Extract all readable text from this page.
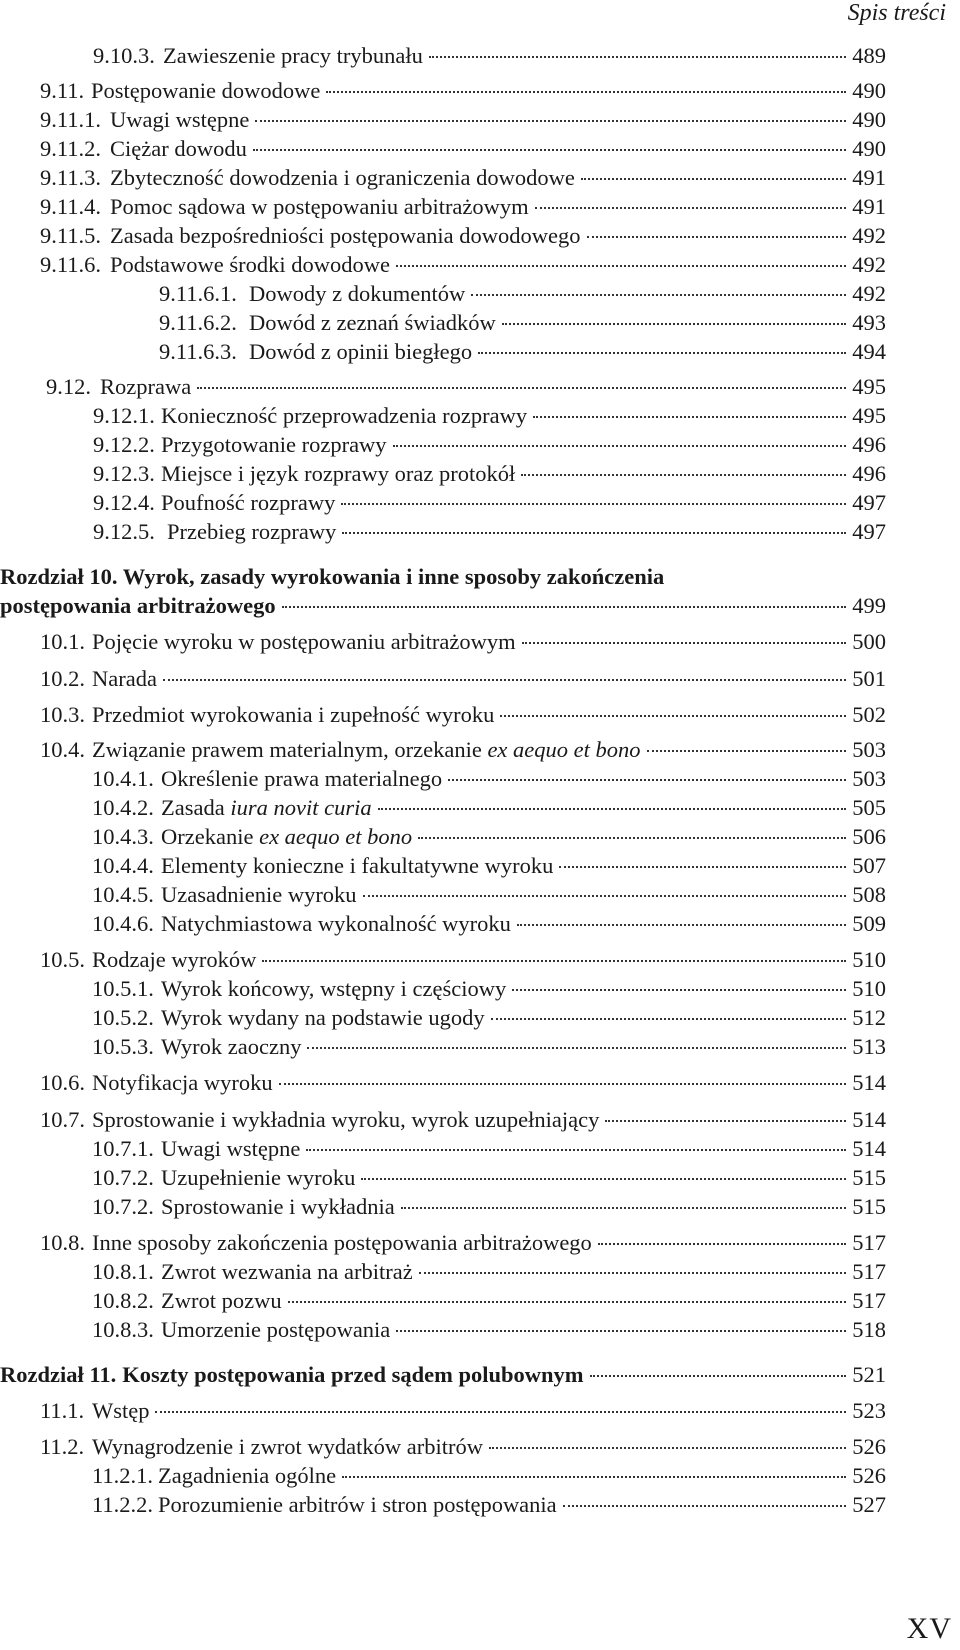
Spis treści
9.10.3. Zawieszenie pracy trybunału	489
9.11. Postępowanie dowodowe	490
9.11.1. Uwagi wstępne	490
9.11.2. Ciężar dowodu	490
9.11.3. Zbyteczność dowodzenia i ograniczenia dowodowe	491
9.11.4. Pomoc sądowa w postępowaniu arbitrażowym	491
9.11.5. Zasada bezpośredniości postępowania dowodowego	492
9.11.6. Podstawowe środki dowodowe	492
9.11.6.1. Dowody z dokumentów	492
9.11.6.2. Dowód z zeznań świadków	493
9.11.6.3. Dowód z opinii biegłego	494
9.12. Rozprawa	495
9.12.1. Konieczność przeprowadzenia rozprawy	495
9.12.2. Przygotowanie rozprawy	496
9.12.3. Miejsce i język rozprawy oraz protokół	496
9.12.4. Poufność rozprawy	497
9.12.5. Przebieg rozprawy	497
Rozdział 10. Wyrok, zasady wyrokowania i inne sposoby zakończenia
postępowania arbitrażowego	499
10.1. Pojęcie wyroku w postępowaniu arbitrażowym	500
10.2. Narada	501
10.3. Przedmiot wyrokowania i zupełność wyroku	502
10.4. Związanie prawem materialnym, orzekanie ex aequo et bono	503
10.4.1. Określenie prawa materialnego	503
10.4.2. Zasada iura novit curia	505
10.4.3. Orzekanie ex aequo et bono	506
10.4.4. Elementy konieczne i fakultatywne wyroku	507
10.4.5. Uzasadnienie wyroku	508
10.4.6. Natychmiastowa wykonalność wyroku	509
10.5. Rodzaje wyroków	510
10.5.1. Wyrok końcowy, wstępny i częściowy	510
10.5.2. Wyrok wydany na podstawie ugody	512
10.5.3. Wyrok zaoczny	513
10.6. Notyfikacja wyroku	514
10.7. Sprostowanie i wykładnia wyroku, wyrok uzupełniający	514
10.7.1. Uwagi wstępne	514
10.7.2. Uzupełnienie wyroku	515
10.7.2. Sprostowanie i wykładnia	515
10.8. Inne sposoby zakończenia postępowania arbitrażowego	517
10.8.1. Zwrot wezwania na arbitraż	517
10.8.2. Zwrot pozwu	517
10.8.3. Umorzenie postępowania	518
Rozdział 11. Koszty postępowania przed sądem polubownym	521
11.1. Wstęp	523
11.2. Wynagrodzenie i zwrot wydatków arbitrów	526
11.2.1. Zagadnienia ogólne	526
11.2.2. Porozumienie arbitrów i stron postępowania	527
XV
